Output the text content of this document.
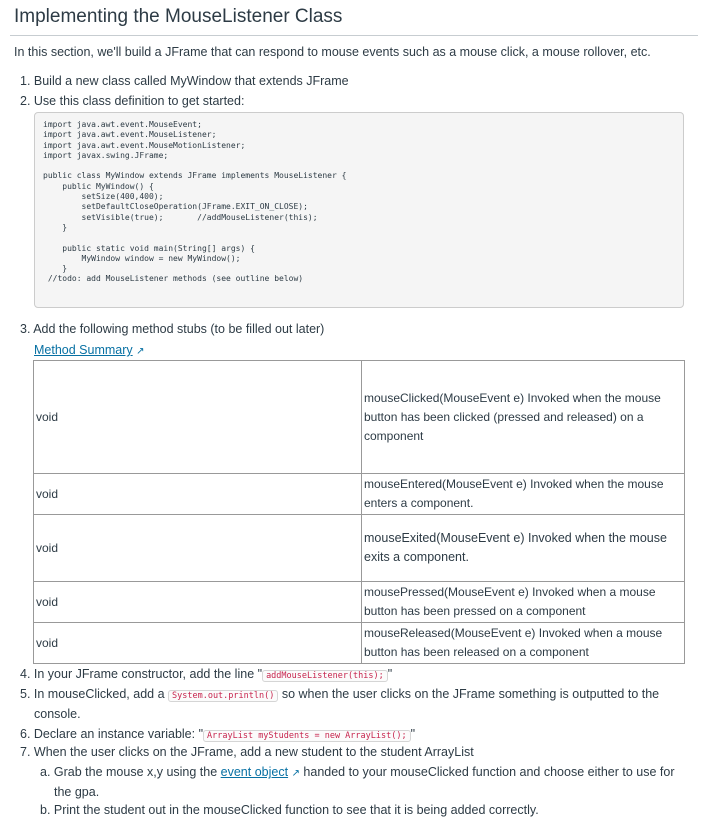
Implementing the MouseListener Class
In this section, we'll build a JFrame that can respond to mouse events such as a mouse click, a mouse rollover, etc.
1. Build a new class called MyWindow that extends JFrame
2. Use this class definition to get started:
import java.awt.event.MouseEvent;
import java.awt.event.MouseListener;
import java.awt.event.MouseMotionListener;
import javax.swing.JFrame;

public class MyWindow extends JFrame implements MouseListener {
public MyWindow() {
setSize(400,400);
setDefaultCloseOperation(JFrame.EXIT_ON_CLOSE);
setVisible(true);       //addMouseListener(this);
}

public static void main(String[] args) {
MyWindow window = new MyWindow();
}
//todo: add MouseListener methods (see outline below)
3. Add the following method stubs (to be filled out later)
Method Summary ↗
void	mouseClicked(MouseEvent e) Invoked when the mouse button has been clicked (pressed and released) on a component
void	mouseEntered(MouseEvent e) Invoked when the mouse enters a component.
void	mouseExited(MouseEvent e) Invoked when the mouse exits a component.
void	mousePressed(MouseEvent e) Invoked when a mouse button has been pressed on a component
void	mouseReleased(MouseEvent e) Invoked when a mouse button has been released on a component
4. In your JFrame constructor, add the line " addMouseListener(this); "
5. In mouseClicked, add a System.out.println() so when the user clicks on the JFrame something is outputted to the
console.
6. Declare an instance variable: " ArrayList myStudents = new ArrayList(); "
7. When the user clicks on the JFrame, add a new student to the student ArrayList
a. Grab the mouse x,y using the event object ↗ handed to your mouseClicked function and choose either to use for
the gpa.
b. Print the student out in the mouseClicked function to see that it is being added correctly.
